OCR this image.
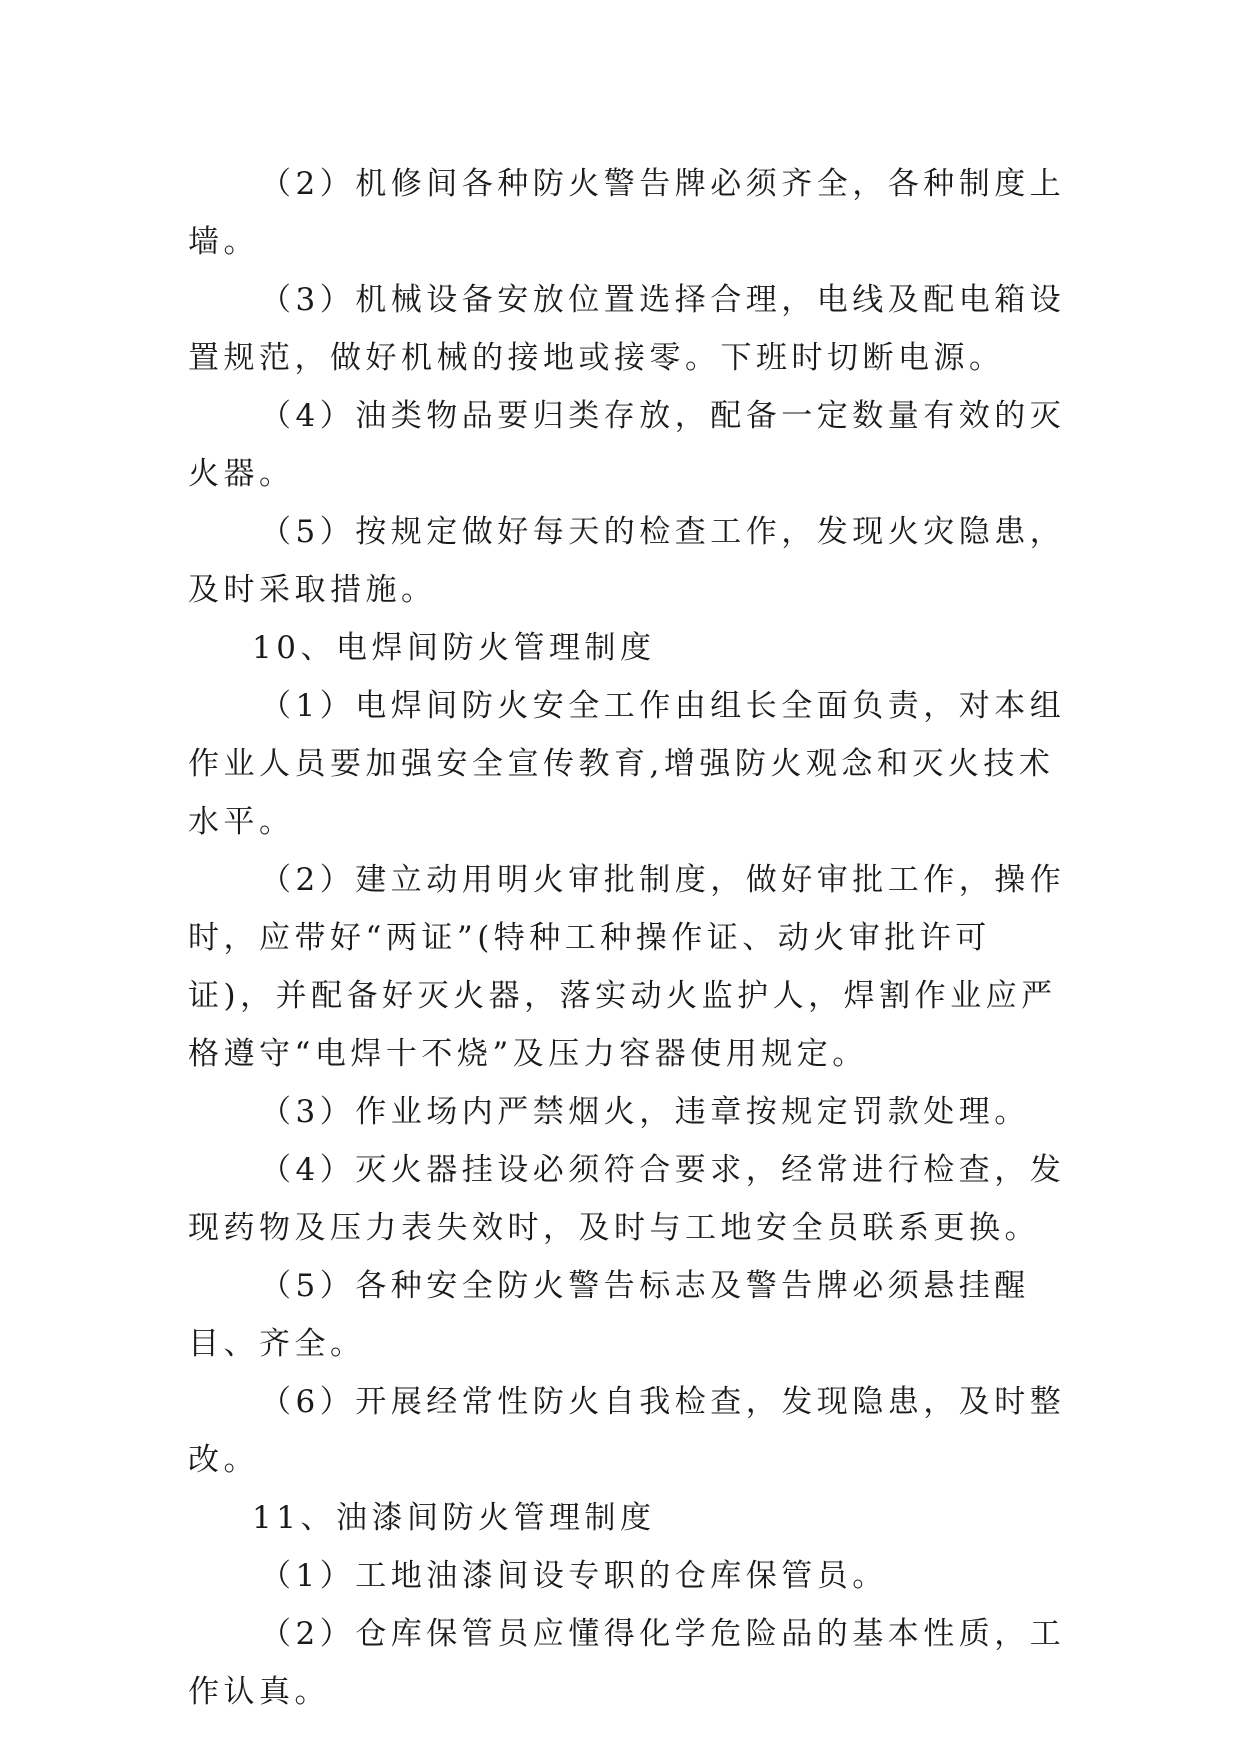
（2）机修间各种防火警告牌必须齐全，各种制度上墙。

（3）机械设备安放位置选择合理，电线及配电箱设置规范，做好机械的接地或接零。下班时切断电源。

（4）油类物品要归类存放，配备一定数量有效的灭火器。

（5）按规定做好每天的检查工作，发现火灾隐患，及时采取措施。

10、电焊间防火管理制度

（1）电焊间防火安全工作由组长全面负责，对本组作业人员要加强安全宣传教育,增强防火观念和灭火技术水平。

（2）建立动用明火审批制度，做好审批工作，操作时，应带好“两证”(特种工种操作证、动火审批许可证)，并配备好灭火器，落实动火监护人，焊割作业应严格遵守“电焊十不烧”及压力容器使用规定。

（3）作业场内严禁烟火，违章按规定罚款处理。

（4）灭火器挂设必须符合要求，经常进行检查，发现药物及压力表失效时，及时与工地安全员联系更换。

（5）各种安全防火警告标志及警告牌必须悬挂醒目、齐全。

（6）开展经常性防火自我检查，发现隐患，及时整改。

11、油漆间防火管理制度

（1）工地油漆间设专职的仓库保管员。

（2）仓库保管员应懂得化学危险品的基本性质，工作认真。
